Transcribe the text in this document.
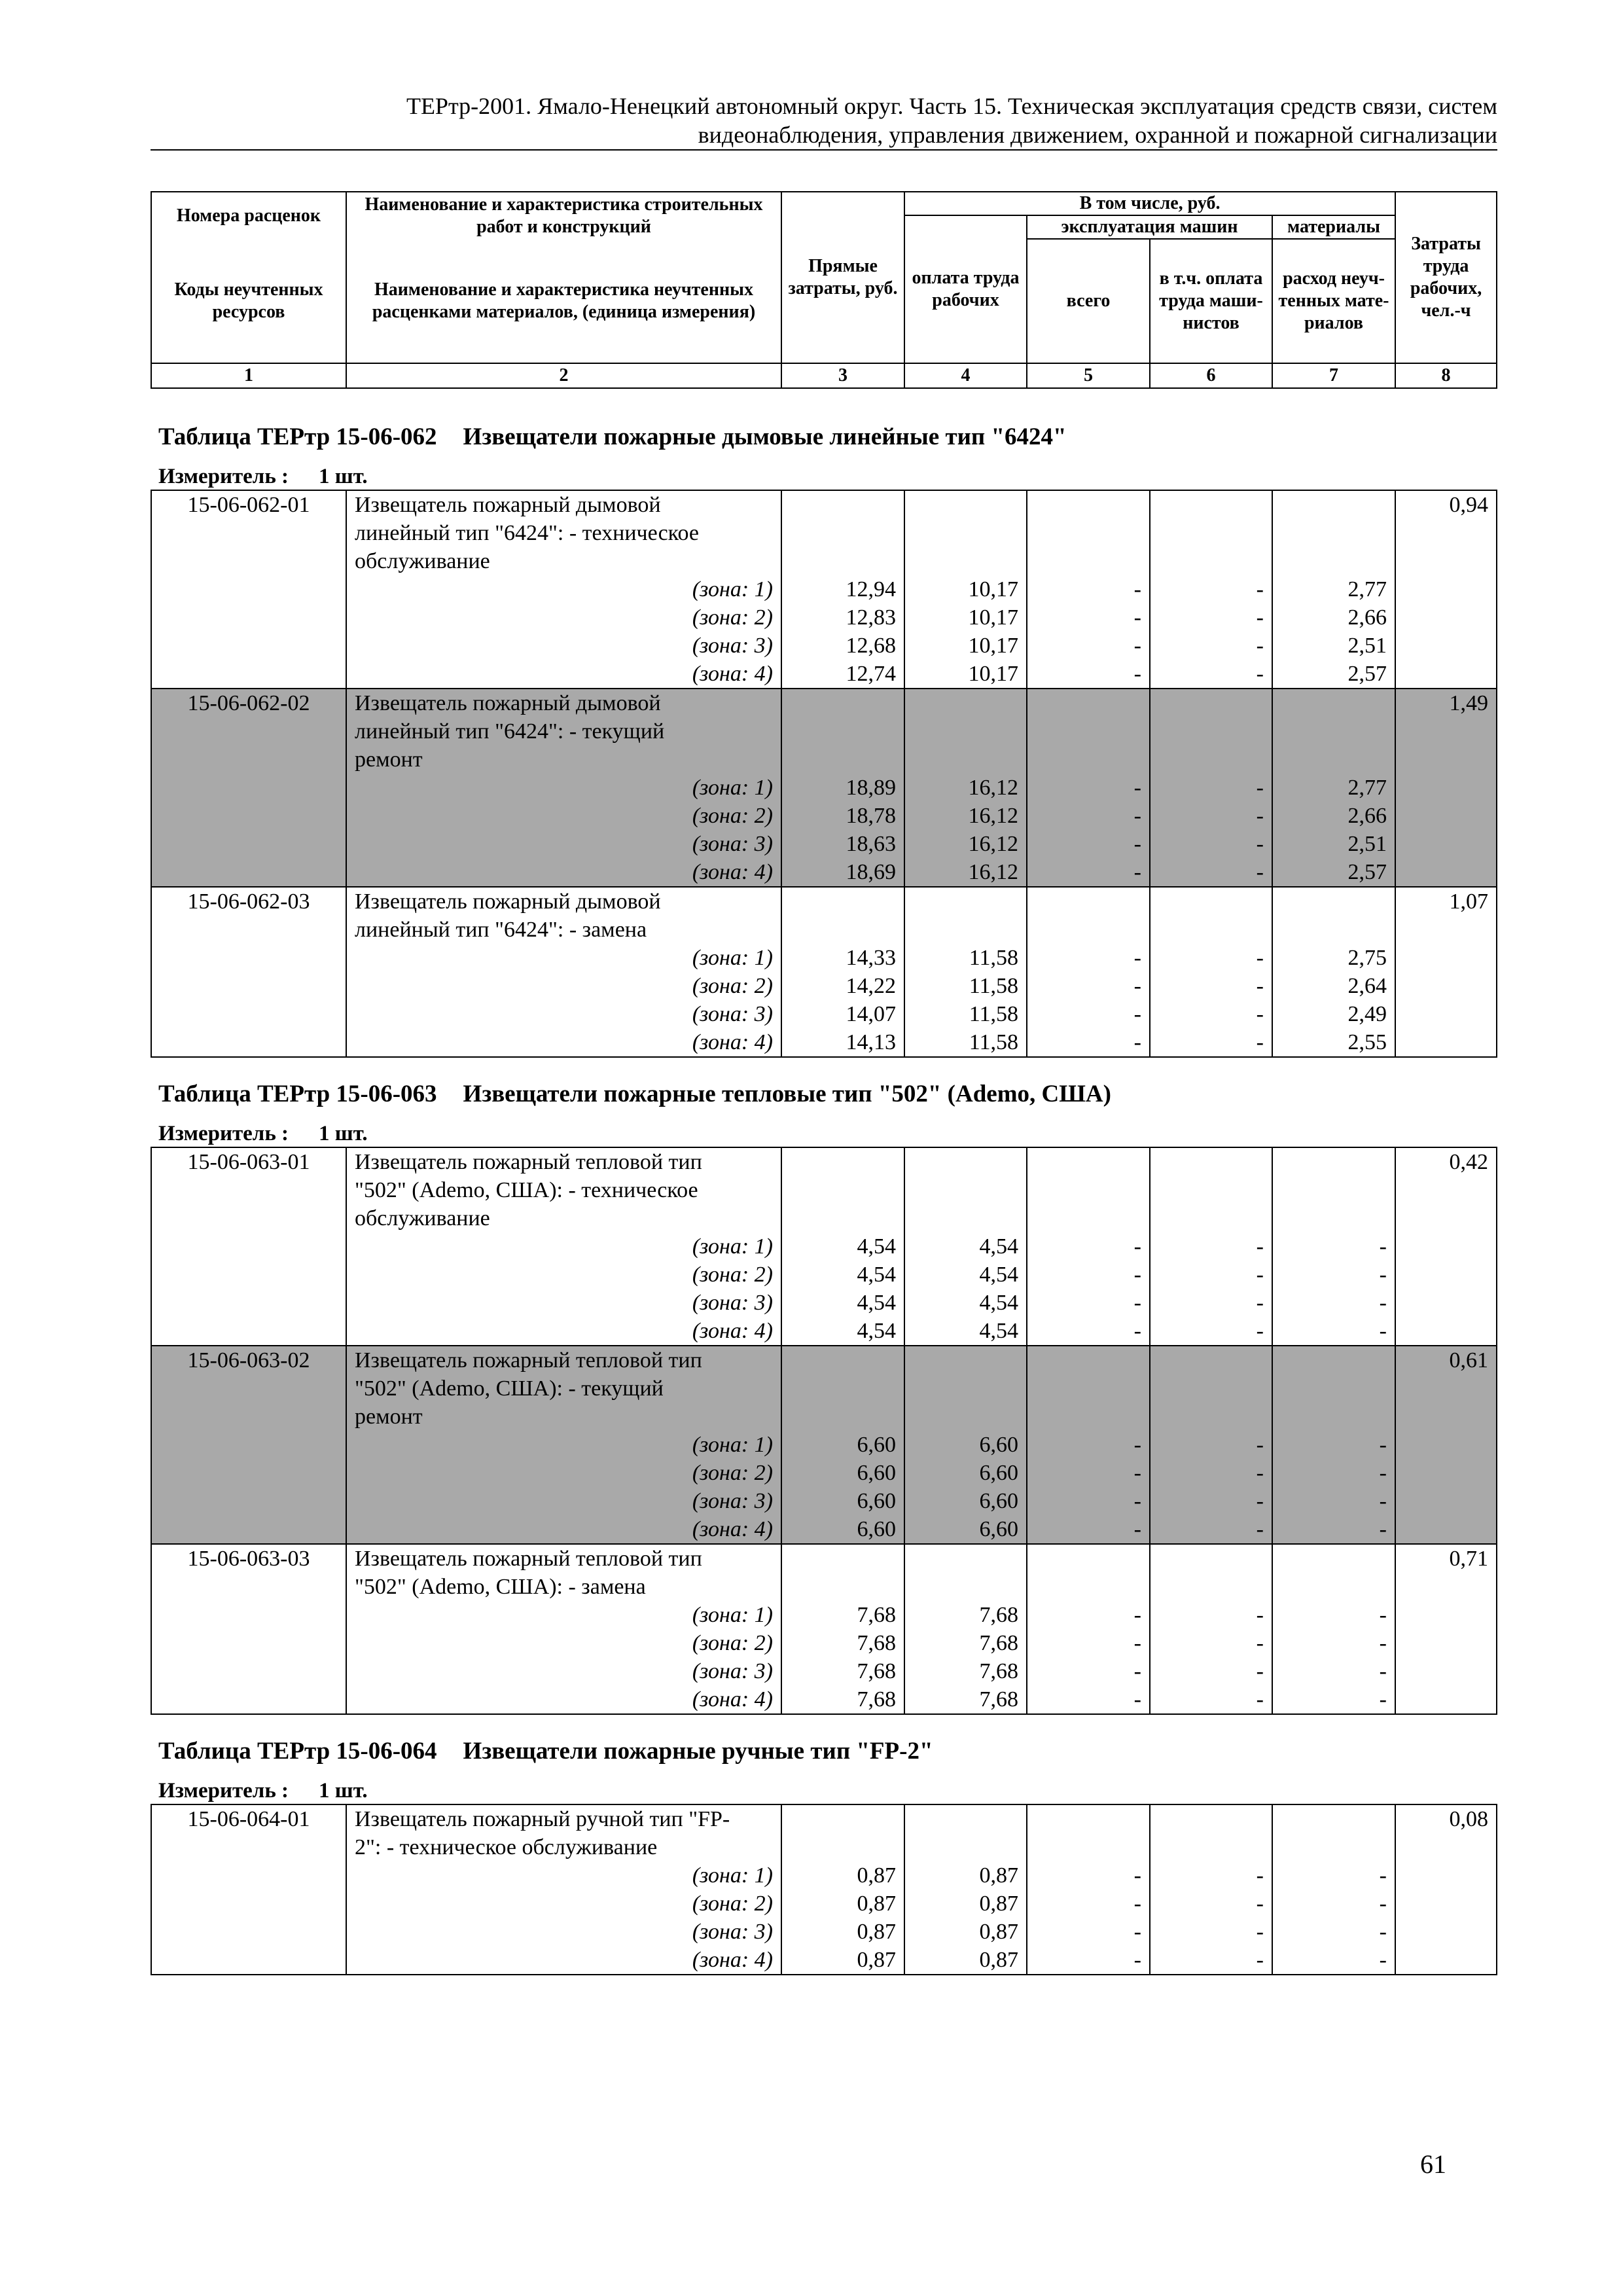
ТЕРтр-2001. Ямало-Ненецкий автономный округ. Часть 15. Техническая эксплуатация средств связи, систем
видеонаблюдения, управления движением, охранной и пожарной сигнализации
Номера расценок	Наименование и характеристика строительных работ и конструкций	Прямые затраты, руб.	В том числе, руб.				Затраты труда рабочих, чел.-ч
			оплата труда рабочих	эксплуатация машин		материалы	
Коды неучтенных ресурсов	Наименование и характеристика неучтенных расценками материалов, (единица измерения)			всего	в т.ч. оплата труда маши-нистов	расход неуч-тенных мате-риалов	

1	2	3	4	5	6	7	8
Таблица ТЕРтр 15-06-062 Извещатели пожарные дымовые линейные тип "6424"
Измеритель : 1 шт.
15-06-062-01	Извещатель пожарный дымовой						0,94
	линейный тип "6424": - техническое						
	обслуживание						
	(зона: 1)	12,94	10,17	-	-	2,77	
	(зона: 2)	12,83	10,17	-	-	2,66	
	(зона: 3)	12,68	10,17	-	-	2,51	
	(зона: 4)	12,74	10,17	-	-	2,57	
15-06-062-02	Извещатель пожарный дымовой						1,49
	линейный тип "6424": - текущий						
	ремонт						
	(зона: 1)	18,89	16,12	-	-	2,77	
	(зона: 2)	18,78	16,12	-	-	2,66	
	(зона: 3)	18,63	16,12	-	-	2,51	
	(зона: 4)	18,69	16,12	-	-	2,57	
15-06-062-03	Извещатель пожарный дымовой						1,07
	линейный тип "6424": - замена						
	(зона: 1)	14,33	11,58	-	-	2,75	
	(зона: 2)	14,22	11,58	-	-	2,64	
	(зона: 3)	14,07	11,58	-	-	2,49	
	(зона: 4)	14,13	11,58	-	-	2,55	
Таблица ТЕРтр 15-06-063 Извещатели пожарные тепловые тип "502" (Ademo, США)
Измеритель : 1 шт.
15-06-063-01	Извещатель пожарный тепловой тип						0,42
	"502" (Ademo, США): - техническое						
	обслуживание						
	(зона: 1)	4,54	4,54	-	-	-	
	(зона: 2)	4,54	4,54	-	-	-	
	(зона: 3)	4,54	4,54	-	-	-	
	(зона: 4)	4,54	4,54	-	-	-	
15-06-063-02	Извещатель пожарный тепловой тип						0,61
	"502" (Ademo, США): - текущий						
	ремонт						
	(зона: 1)	6,60	6,60	-	-	-	
	(зона: 2)	6,60	6,60	-	-	-	
	(зона: 3)	6,60	6,60	-	-	-	
	(зона: 4)	6,60	6,60	-	-	-	
15-06-063-03	Извещатель пожарный тепловой тип						0,71
	"502" (Ademo, США): - замена						
	(зона: 1)	7,68	7,68	-	-	-	
	(зона: 2)	7,68	7,68	-	-	-	
	(зона: 3)	7,68	7,68	-	-	-	
	(зона: 4)	7,68	7,68	-	-	-	
Таблица ТЕРтр 15-06-064 Извещатели пожарные ручные тип "FP-2"
Измеритель : 1 шт.
15-06-064-01	Извещатель пожарный ручной тип "FP-						0,08
	2": - техническое обслуживание						
	(зона: 1)	0,87	0,87	-	-	-	
	(зона: 2)	0,87	0,87	-	-	-	
	(зона: 3)	0,87	0,87	-	-	-	
	(зона: 4)	0,87	0,87	-	-	-	
61
